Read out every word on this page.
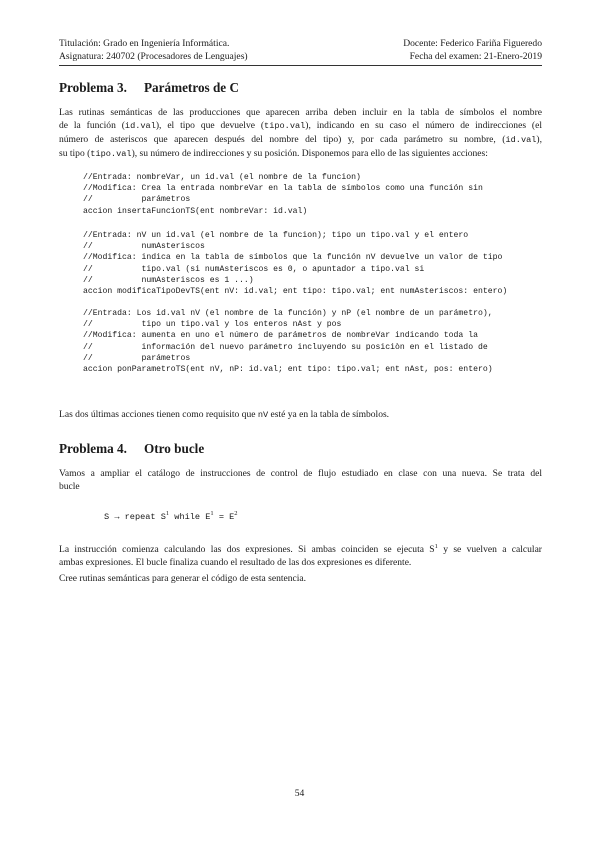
Titulación: Grado en Ingeniería Informática.	Docente: Federico Fariña Figueredo
Asignatura: 240702 (Procesadores de Lenguajes)	Fecha del examen: 21-Enero-2019
Problema 3. Parámetros de C
Las rutinas semánticas de las producciones que aparecen arriba deben incluir en la tabla de símbolos el nombre
de la función (id.val), el tipo que devuelve (tipo.val), indicando en su caso el número de indirecciones (el
número de asteriscos que aparecen después del nombre del tipo) y, por cada parámetro su nombre, (id.val),
su tipo (tipo.val), su número de indirecciones y su posición. Disponemos para ello de las siguientes acciones:
//Entrada: nombreVar, un id.val (el nombre de la funcion)
//Modifica: Crea la entrada nombreVar en la tabla de símbolos como una función sin
//          parámetros
accion insertaFuncionTS(ent nombreVar: id.val)
//Entrada: nV un id.val (el nombre de la funcion); tipo un tipo.val y el entero
//          numAsteriscos
//Modifica: indica en la tabla de símbolos que la función nV devuelve un valor de tipo
//          tipo.val (si numAsteriscos es 0, o apuntador a tipo.val si
//          numAsteriscos es 1 ...)
accion modificaTipoDevTS(ent nV: id.val; ent tipo: tipo.val; ent numAsteriscos: entero)
//Entrada: Los id.val nV (el nombre de la función) y nP (el nombre de un parámetro),
//          tipo un tipo.val y los enteros nAst y pos
//Modifica: aumenta en uno el número de parámetros de nombreVar indicando toda la
//          información del nuevo parámetro incluyendo su posiciòn en el listado de
//          parámetros
accion ponParametroTS(ent nV, nP: id.val; ent tipo: tipo.val; ent nAst, pos: entero)
Las dos últimas acciones tienen como requisito que nV esté ya en la tabla de símbolos.
Problema 4. Otro bucle
Vamos a ampliar el catálogo de instrucciones de control de flujo estudiado en clase con una nueva. Se trata del
bucle
S → repeat $S^1$ while $E^1 = E^2$
La instrucción comienza calculando las dos expresiones. Si ambas coinciden se ejecuta $S^1$ y se vuelven a calcular
ambas expresiones. El bucle finaliza cuando el resultado de las dos expresiones es diferente.
Cree rutinas semánticas para generar el código de esta sentencia.
54
